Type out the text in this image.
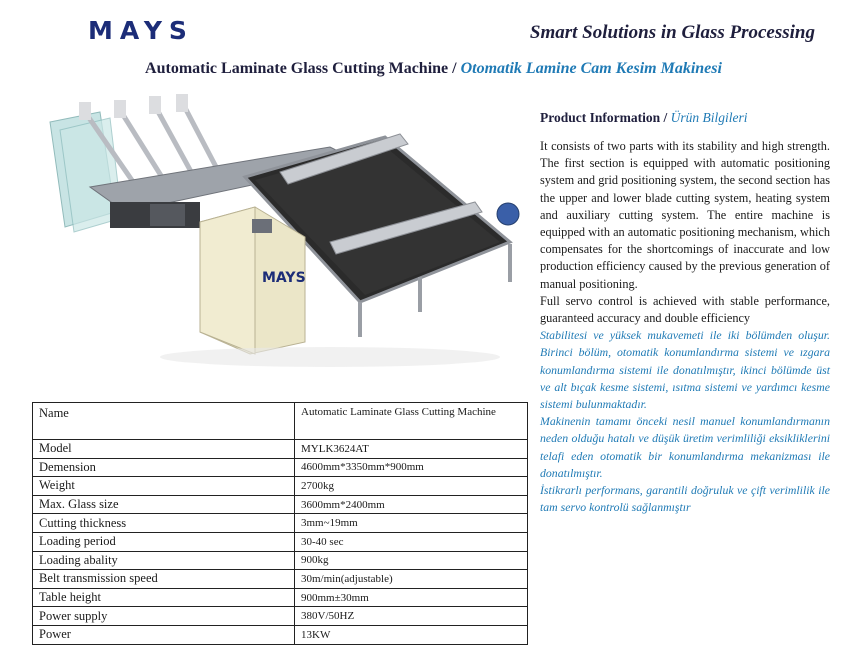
MAYS	Smart Solutions in Glass Processing
Automatic Laminate Glass Cutting Machine / Otomatik Lamine Cam Kesim Makinesi
MAYS
Product Information / Ürün Bilgileri

It consists of two parts with its stability and high strength. The first section is equipped with automatic positioning system and grid positioning system, the second section has the upper and lower blade cutting system, heating system and auxiliary cutting system. The entire machine is equipped with an automatic positioning mechanism, which compensates for the shortcomings of inaccurate and low production efficiency caused by the previous generation of manual positioning.

Full servo control is achieved with stable performance, guaranteed accuracy and double efficiency

Stabilitesi ve yüksek mukavemeti ile iki bölümden oluşur. Birinci bölüm, otomatik konumlandırma sistemi ve ızgara konumlandırma sistemi ile donatılmıştır, ikinci bölümde üst ve alt bıçak kesme sistemi, ısıtma sistemi ve yardımcı kesme sistemi bulunmaktadır.

Makinenin tamamı önceki nesil manuel konumlandırmanın neden olduğu hatalı ve düşük üretim verimliliği eksikliklerini telafi eden otomatik bir konumlandırma mekanizması ile donatılmıştır.

İstikrarlı performans, garantili doğruluk ve çift verimlilik ile tam servo kontrolü sağlanmıştır

Name	Automatic Laminate Glass Cutting Machine
Model	MYLK3624AT
Demension	4600mm*3350mm*900mm
Weight	2700kg
Max. Glass size	3600mm*2400mm
Cutting thickness	3mm~19mm
Loading period	30-40 sec
Loading abality	900kg
Belt transmission speed	30m/min(adjustable)
Table height	900mm±30mm
Power supply	380V/50HZ
Power	13KW
